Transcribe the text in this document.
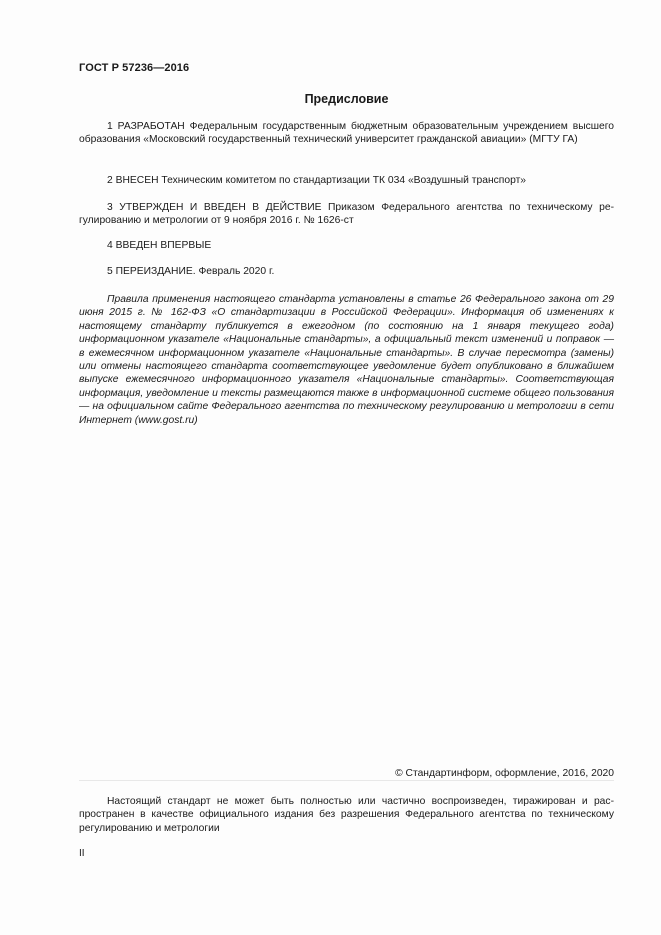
ГОСТ Р 57236—2016
Предисловие

1 РАЗРАБОТАН Федеральным государственным бюджетным образовательным учреждением высшего образования «Московский государственный технический университет гражданской авиации» (МГТУ ГА)

2 ВНЕСЕН Техническим комитетом по стандартизации ТК 034 «Воздушный транспорт»

3 УТВЕРЖДЕН И ВВЕДЕН В ДЕЙСТВИЕ Приказом Федерального агентства по техническому регулированию и метрологии от 9 ноября 2016 г. № 1626-ст

4 ВВЕДЕН ВПЕРВЫЕ

5 ПЕРЕИЗДАНИЕ. Февраль 2020 г.

Правила применения настоящего стандарта установлены в статье 26 Федерального закона от 29 июня 2015 г. № 162-ФЗ «О стандартизации в Российской Федерации». Информация об изменениях к настоящему стандарту публикуется в ежегодном (по состоянию на 1 января текущего года) информационном указателе «Национальные стандарты», а официальный текст изменений и поправок — в ежемесячном информационном указателе «Национальные стандарты». В случае пересмотра (замены) или отмены настоящего стандарта соответствующее уведомление будет опубликовано в ближайшем выпуске ежемесячного информационного указателя «Национальные стандарты». Соответствующая информация, уведомление и тексты размещаются также в информационной системе общего пользования — на официальном сайте Федерального агентства по техническому регулированию и метрологии в сети Интернет (www.gost.ru)

© Стандартинформ, оформление, 2016, 2020

Настоящий стандарт не может быть полностью или частично воспроизведен, тиражирован и распространен в качестве официального издания без разрешения Федерального агентства по техническому регулированию и метрологии

II
